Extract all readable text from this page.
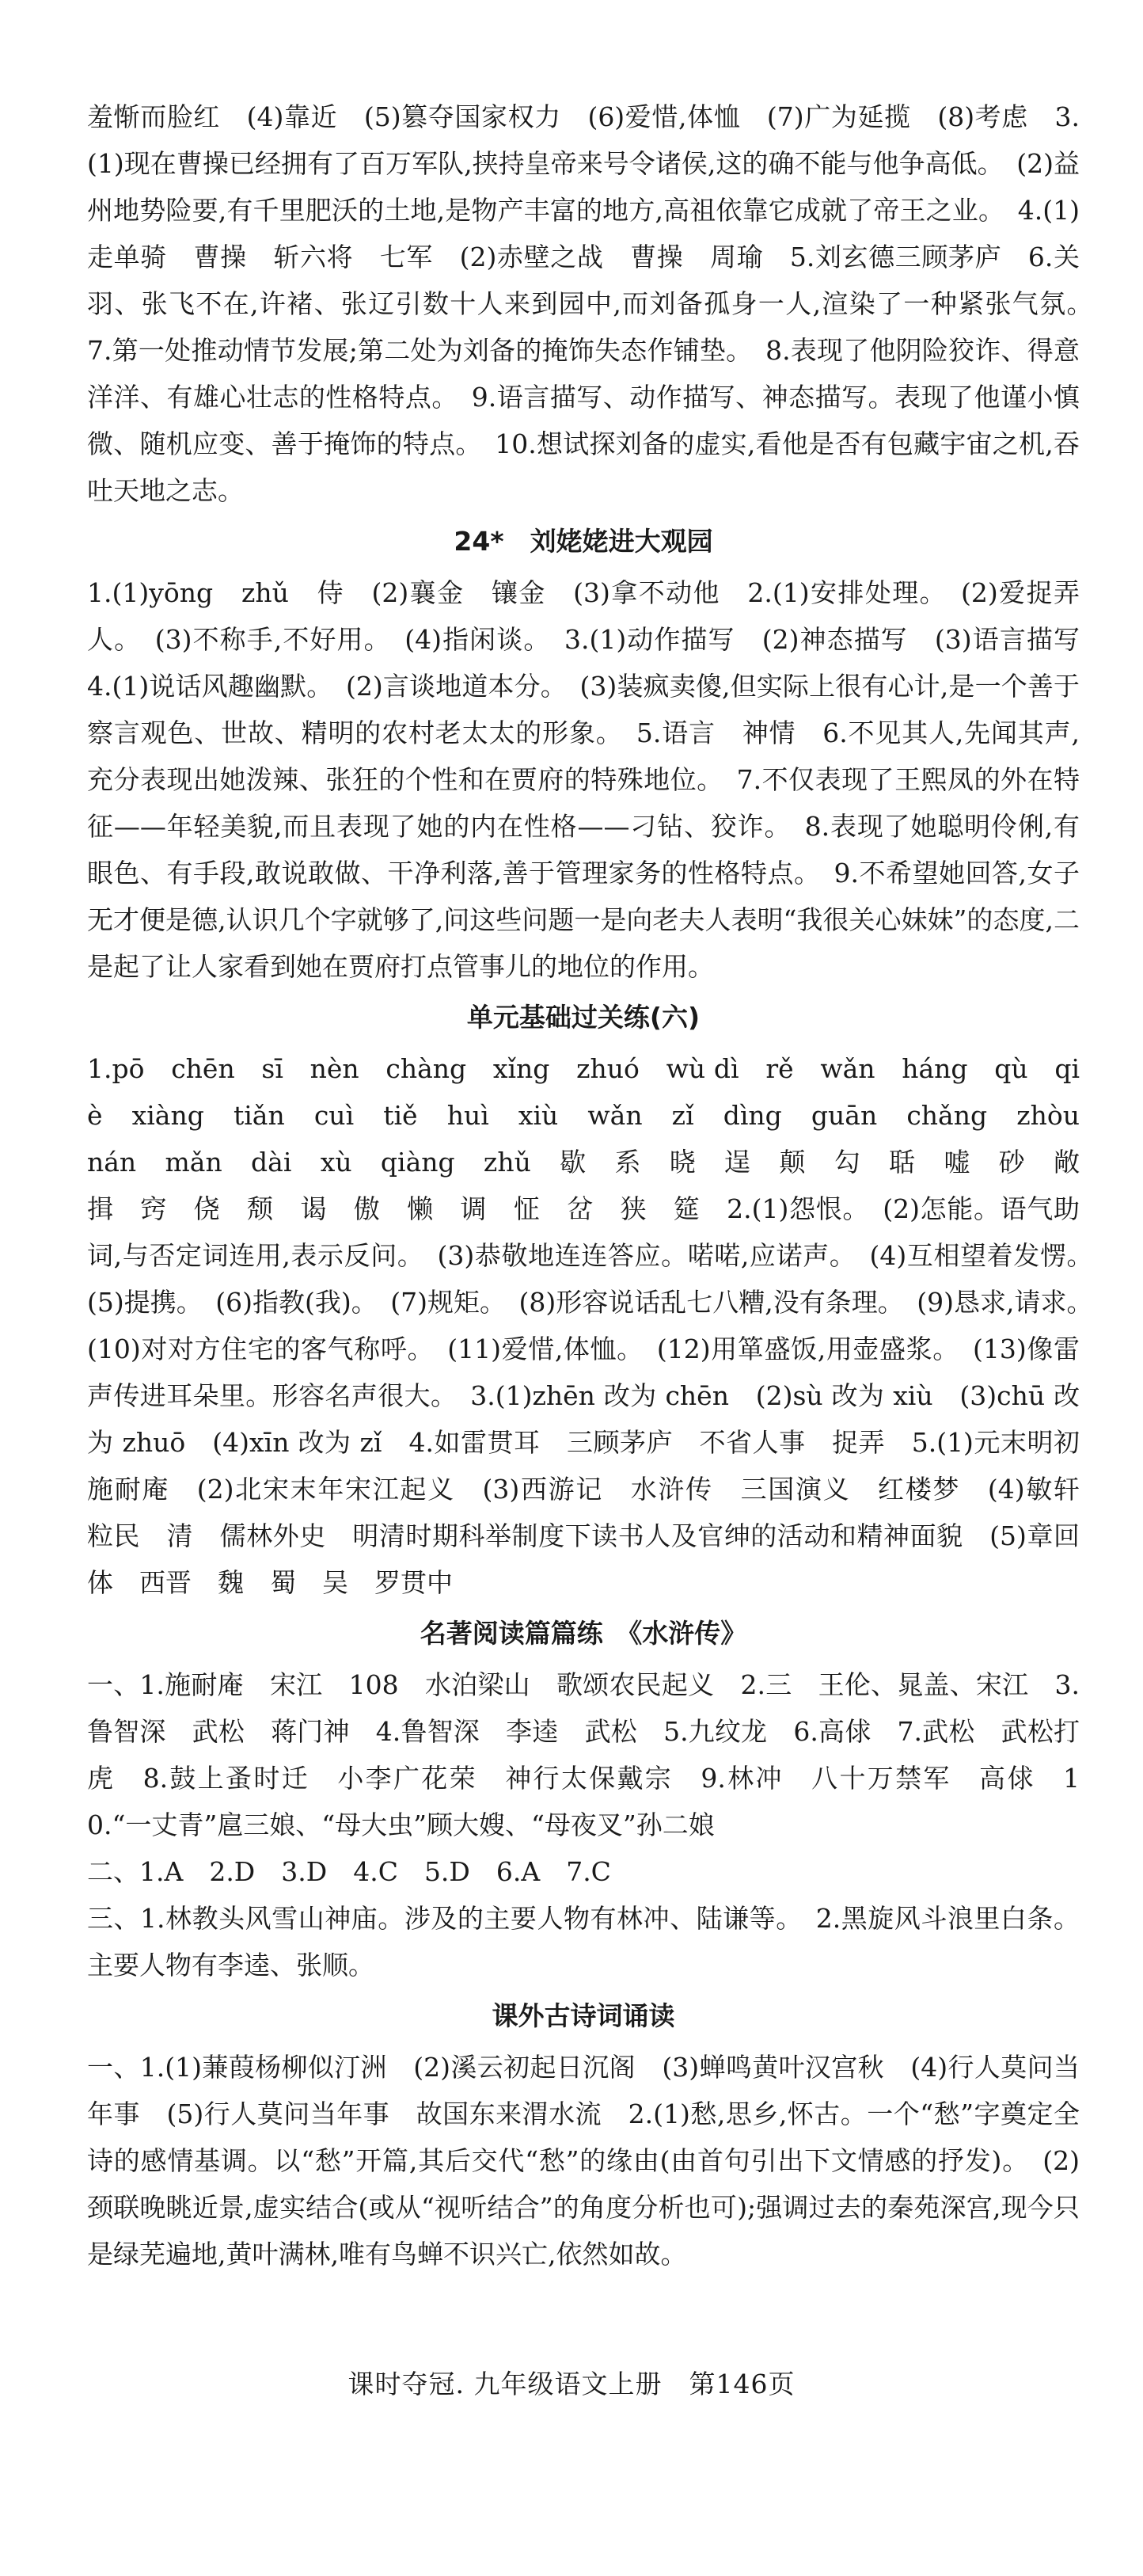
羞惭而脸红　(4)靠近　(5)篡夺国家权力　(6)爱惜,体恤　(7)广为延揽　(8)考虑　3.(1)现在曹操已经拥有了百万军队,挟持皇帝来号令诸侯,这的确不能与他争高低。　(2)益州地势险要,有千里肥沃的土地,是物产丰富的地方,高祖依靠它成就了帝王之业。　4.(1)走单骑　曹操　斩六将　七军　(2)赤壁之战　曹操　周瑜　5.刘玄德三顾茅庐　6.关羽、张飞不在,许褚、张辽引数十人来到园中,而刘备孤身一人,渲染了一种紧张气氛。　7.第一处推动情节发展;第二处为刘备的掩饰失态作铺垫。　8.表现了他阴险狡诈、得意洋洋、有雄心壮志的性格特点。　9.语言描写、动作描写、神态描写。表现了他谨小慎微、随机应变、善于掩饰的特点。　10.想试探刘备的虚实,看他是否有包藏宇宙之机,吞吐天地之志。

24*　刘姥姥进大观园

1.(1)yōng　zhǔ　侍　(2)襄金　镶金　(3)拿不动他　2.(1)安排处理。　(2)爱捉弄人。　(3)不称手,不好用。　(4)指闲谈。　3.(1)动作描写　(2)神态描写　(3)语言描写　4.(1)说话风趣幽默。　(2)言谈地道本分。　(3)装疯卖傻,但实际上很有心计,是一个善于察言观色、世故、精明的农村老太太的形象。　5.语言　神情　6.不见其人,先闻其声,充分表现出她泼辣、张狂的个性和在贾府的特殊地位。　7.不仅表现了王熙凤的外在特征——年轻美貌,而且表现了她的内在性格——刁钻、狡诈。　8.表现了她聪明伶俐,有眼色、有手段,敢说敢做、干净利落,善于管理家务的性格特点。　9.不希望她回答,女子无才便是德,认识几个字就够了,问这些问题一是向老夫人表明“我很关心妹妹”的态度,二是起了让人家看到她在贾府打点管事儿的地位的作用。

单元基础过关练(六)

1.pō　chēn　sī　nèn　chàng　xǐng　zhuó　wù dì　rě　wǎn　háng　qù　qiè　xiàng　tiǎn　cuì　tiě　huì　xiù　wǎn　zǐ　dìng　guān　chǎng　zhòu　nán　mǎn　dài　xù　qiàng　zhǔ　歇　系　晓　逞　颠　勾　聒　嘘　砂　敞　揖　窍　侥　颓　谒　傲　懒　调　怔　岔　狭　筵　2.(1)怨恨。　(2)怎能。语气助词,与否定词连用,表示反问。　(3)恭敬地连连答应。喏喏,应诺声。　(4)互相望着发愣。　(5)提携。　(6)指教(我)。　(7)规矩。　(8)形容说话乱七八糟,没有条理。　(9)恳求,请求。　(10)对对方住宅的客气称呼。　(11)爱惜,体恤。　(12)用箪盛饭,用壶盛浆。　(13)像雷声传进耳朵里。形容名声很大。　3.(1)zhēn 改为 chēn　(2)sù 改为 xiù　(3)chū 改为 zhuō　(4)xīn 改为 zǐ　4.如雷贯耳　三顾茅庐　不省人事　捉弄　5.(1)元末明初　施耐庵　(2)北宋末年宋江起义　(3)西游记　水浒传　三国演义　红楼梦　(4)敏轩　粒民　清　儒林外史　明清时期科举制度下读书人及官绅的活动和精神面貌　(5)章回体　西晋　魏　蜀　吴　罗贯中

名著阅读篇篇练　《水浒传》

一、1.施耐庵　宋江　108　水泊梁山　歌颂农民起义　2.三　王伦、晁盖、宋江　3.鲁智深　武松　蒋门神　4.鲁智深　李逵　武松　5.九纹龙　6.高俅　7.武松　武松打虎　8.鼓上蚤时迁　小李广花荣　神行太保戴宗　9.林冲　八十万禁军　高俅　10.“一丈青”扈三娘、“母大虫”顾大嫂、“母夜叉”孙二娘

二、1.A　2.D　3.D　4.C　5.D　6.A　7.C

三、1.林教头风雪山神庙。涉及的主要人物有林冲、陆谦等。　2.黑旋风斗浪里白条。主要人物有李逵、张顺。

课外古诗词诵读

一、1.(1)蒹葭杨柳似汀洲　(2)溪云初起日沉阁　(3)蝉鸣黄叶汉宫秋　(4)行人莫问当年事　(5)行人莫问当年事　故国东来渭水流　2.(1)愁,思乡,怀古。一个“愁”字奠定全诗的感情基调。以“愁”开篇,其后交代“愁”的缘由(由首句引出下文情感的抒发)。　(2)颈联晚眺近景,虚实结合(或从“视听结合”的角度分析也可);强调过去的秦苑深宫,现今只是绿芜遍地,黄叶满林,唯有鸟蝉不识兴亡,依然如故。

课时夺冠. 九年级语文上册　第146页
